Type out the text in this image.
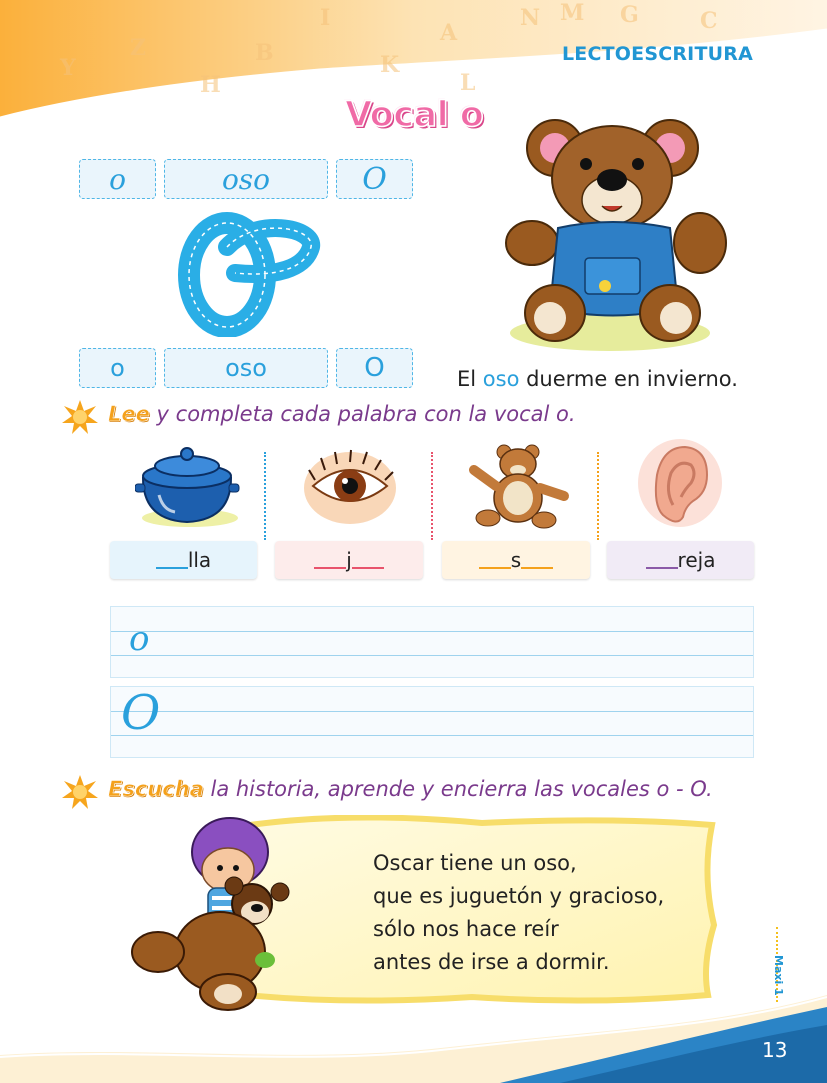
Y
Z
H
B
I
K
A
L
N M G	C
LECTOESCRITURA
Vocal o
o	oso	O
o	oso	O	El oso duerme en invierno.
Lee y completa cada palabra con la vocal o.
lla	j	s	reja
o
O
Escucha la historia, aprende y encierra las vocales o - O.
Oscar tiene un oso,
que es juguetón y gracioso,
sólo nos hace reír
antes de irse a dormir.	Maxi 1
13
